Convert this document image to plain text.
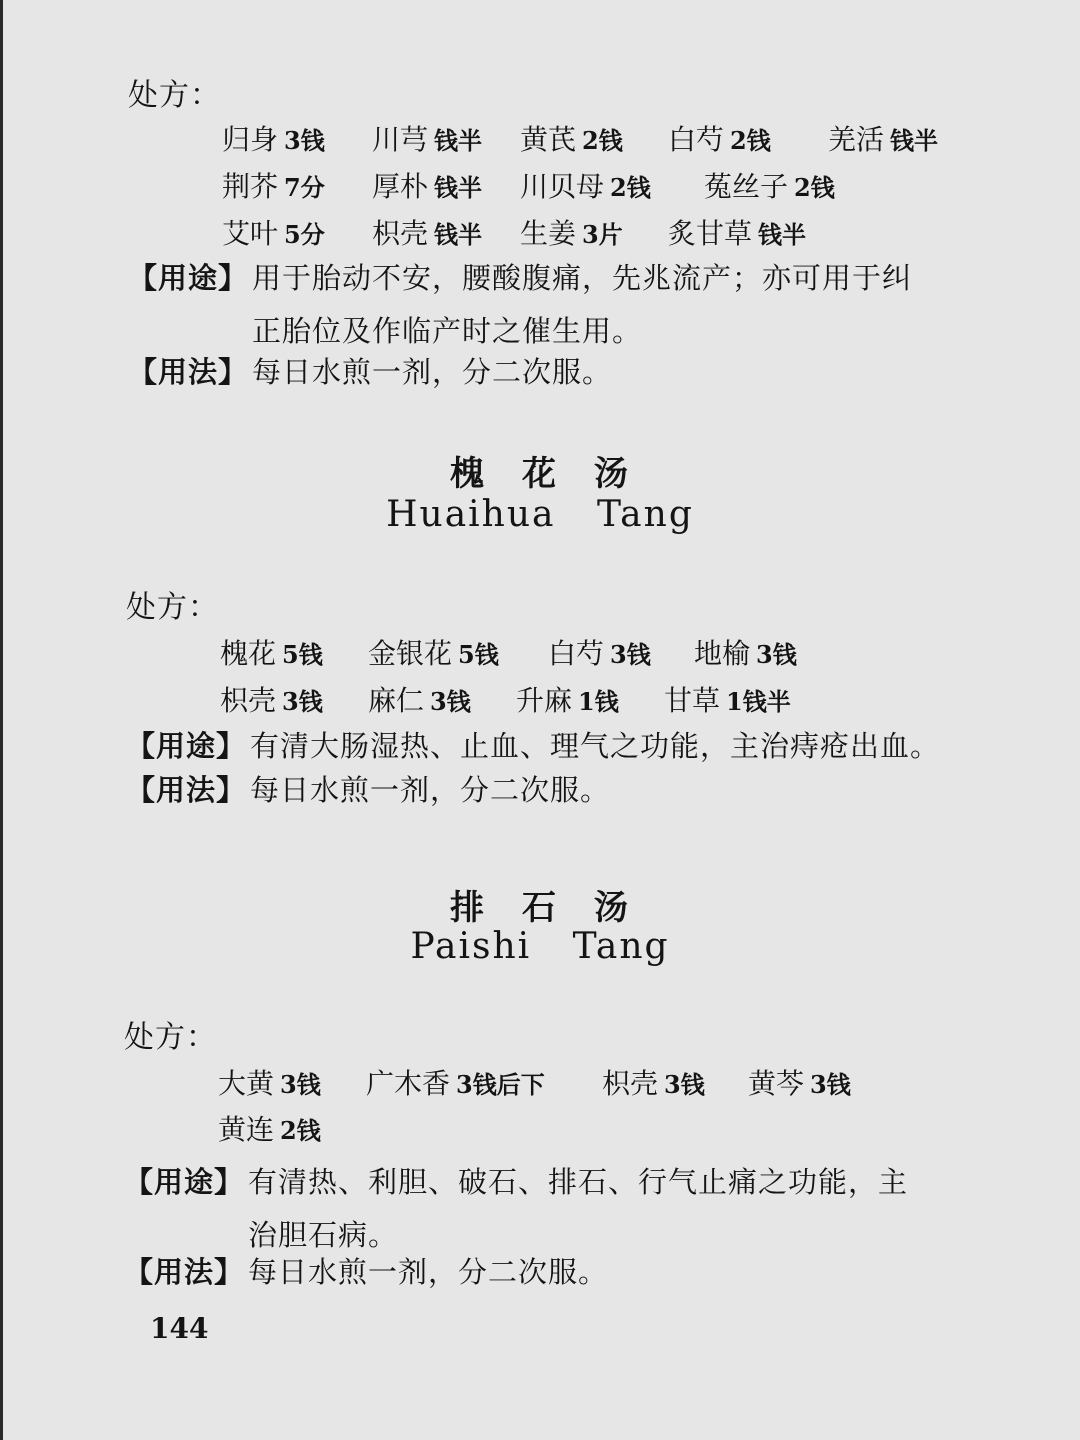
处方：
归身 3钱 川芎 钱半 黄芪 2钱 白芍 2钱 羌活 钱半
荆芥 7分 厚朴 钱半 川贝母 2钱 菟丝子 2钱
艾叶 5分 枳壳 钱半 生姜 3片 炙甘草 钱半
【用途】 用于胎动不安，腰酸腹痛，先兆流产；亦可用于纠
正胎位及作临产时之催生用。
【用法】 每日水煎一剂，分二次服。
槐花汤
Huaihua Tang
处方：
槐花 5钱 金银花 5钱 白芍 3钱 地榆 3钱
枳壳 3钱 麻仁 3钱 升麻 1钱 甘草 1钱半
【用途】 有清大肠湿热、止血、理气之功能，主治痔疮出血。
【用法】 每日水煎一剂，分二次服。
排石汤
Paishi Tang
处方：
大黄 3钱 广木香 3钱后下 枳壳 3钱 黄芩 3钱
黄连 2钱
【用途】 有清热、利胆、破石、排石、行气止痛之功能，主
治胆石病。
【用法】 每日水煎一剂，分二次服。
144
